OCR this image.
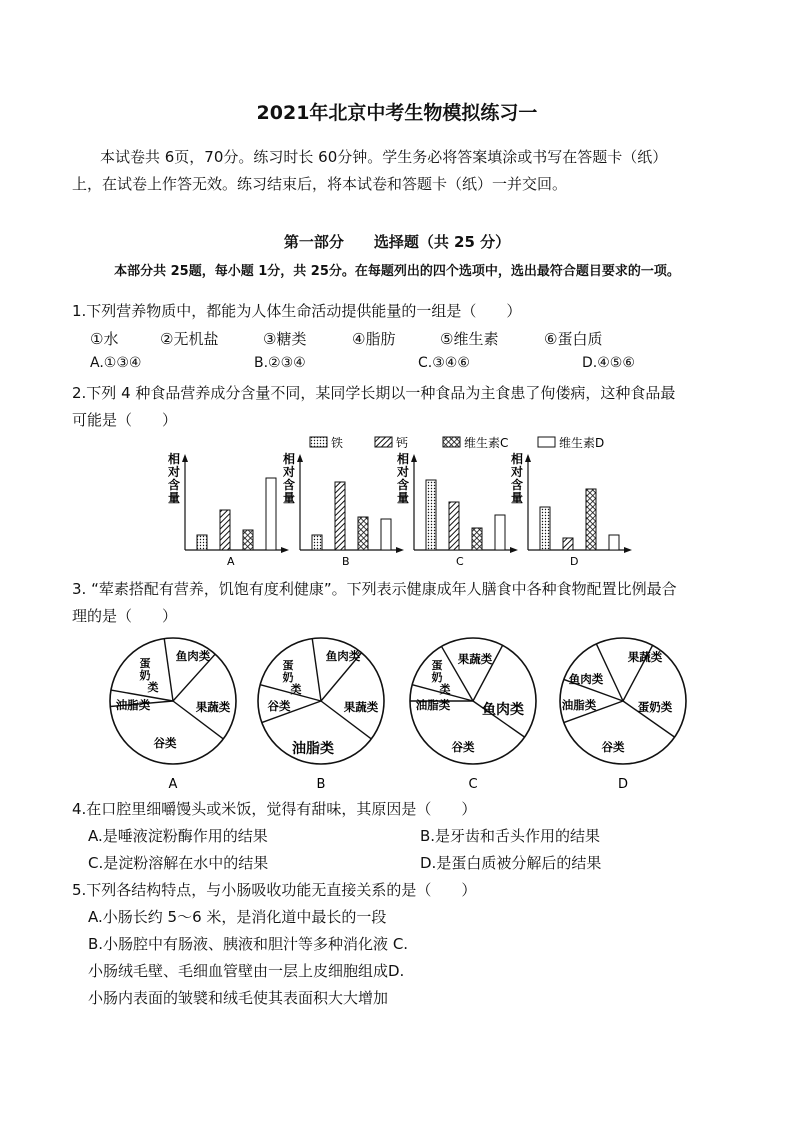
2021年北京中考生物模拟练习一
本试卷共 6页，70分。练习时长 60分钟。学生务必将答案填涂或书写在答题卡（纸）
上，在试卷上作答无效。练习结束后，将本试卷和答题卡（纸）一并交回。
第一部分　　选择题（共 25 分）
本部分共 25题，每小题 1分，共 25分。在每题列出的四个选项中，选出最符合题目要求的一项。
1.下列营养物质中，都能为人体生命活动提供能量的一组是（　　）
①水	②无机盐	③糖类	④脂肪	⑤维生素	⑥蛋白质
A.①③④	B.②③④	C.③④⑥	D.④⑤⑥
2.下列 4 种食品营养成分含量不同，某同学长期以一种食品为主食患了佝偻病，这种食品最
可能是（　　）
铁	钙	维生素C	维生素D
相
对
含
量
A
相
对
含
量
B
相
对
含
量
C
相
对
含
量
D
3. “荤素搭配有营养，饥饱有度利健康”。下列表示健康成年人膳食中各种食物配置比例最合
理的是（　　）
鱼肉类
蛋
奶
类
油脂类
谷类
果蔬类
A
鱼肉类
蛋
奶
类
谷类
油脂类
果蔬类
B
果蔬类
蛋
奶
类
油脂类
谷类
鱼肉类
C
果蔬类
鱼肉类
油脂类
谷类
蛋奶类
D
4.在口腔里细嚼馒头或米饭，觉得有甜味，其原因是（　　）
A.是唾液淀粉酶作用的结果	B.是牙齿和舌头作用的结果
C.是淀粉溶解在水中的结果	D.是蛋白质被分解后的结果
5.下列各结构特点，与小肠吸收功能无直接关系的是（　　）
A.小肠长约 5～6 米，是消化道中最长的一段
B.小肠腔中有肠液、胰液和胆汁等多种消化液 C.
小肠绒毛壁、毛细血管壁由一层上皮细胞组成D.
小肠内表面的皱襞和绒毛使其表面积大大增加
